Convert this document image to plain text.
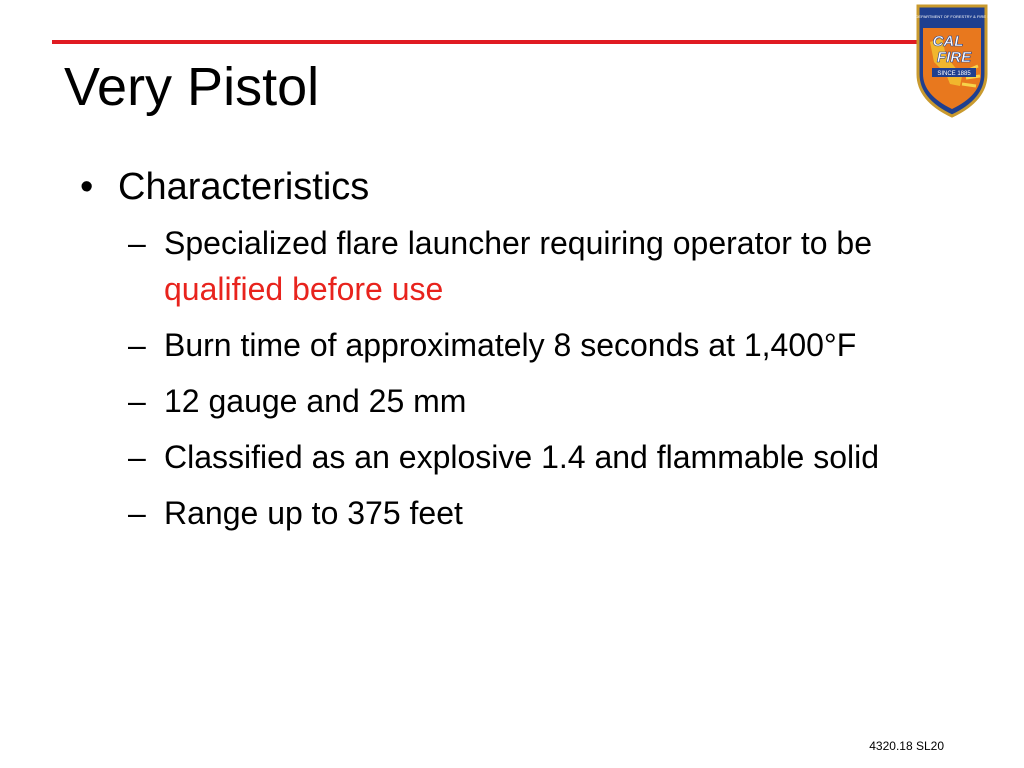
CALIFORNIA DEPARTMENT OF FORESTRY & FIRE PROTECTION
CAL
FIRE
SINCE 1885
Very Pistol
• Characteristics
– Specialized flare launcher requiring operator to be qualified before use
– Burn time of approximately 8 seconds at 1,400°F
– 12 gauge and 25 mm
– Classified as an explosive 1.4 and flammable solid
– Range up to 375 feet
4320.18 SL20
